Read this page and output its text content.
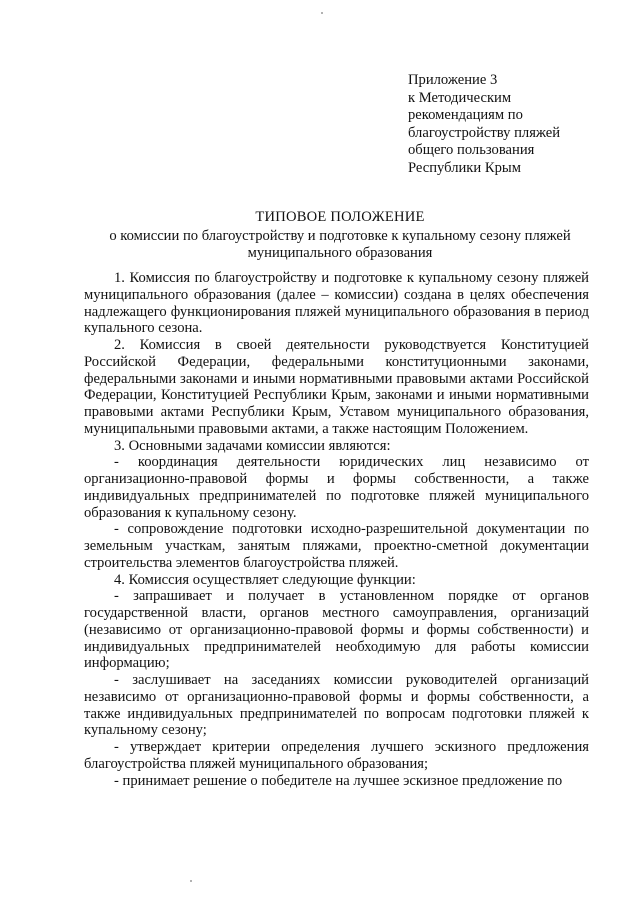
Приложение 3
к Методическим
рекомендациям по
благоустройству пляжей
общего пользования
Республики Крым
ТИПОВОЕ ПОЛОЖЕНИЕ
о комиссии по благоустройству и подготовке к купальному сезону пляжей
муниципального образования

1. Комиссия по благоустройству и подготовке к купальному сезону пляжей муниципального образования (далее – комиссии) создана в целях обеспечения надлежащего функционирования пляжей муниципального образования в период купального сезона.

2. Комиссия в своей деятельности руководствуется Конституцией Российской Федерации, федеральными конституционными законами, федеральными законами и иными нормативными правовыми актами Российской Федерации, Конституцией Республики Крым, законами и иными нормативными правовыми актами Республики Крым, Уставом муниципального образования, муниципальными правовыми актами, а также настоящим Положением.

3. Основными задачами комиссии являются:

- координация деятельности юридических лиц независимо от организационно-правовой формы и формы собственности, а также индивидуальных предпринимателей по подготовке пляжей муниципального образования к купальному сезону.

- сопровождение подготовки исходно-разрешительной документации по земельным участкам, занятым пляжами, проектно-сметной документации строительства элементов благоустройства пляжей.

4. Комиссия осуществляет следующие функции:

- запрашивает и получает в установленном порядке от органов государственной власти, органов местного самоуправления, организаций (независимо от организационно-правовой формы и формы собственности) и индивидуальных предпринимателей необходимую для работы комиссии информацию;

- заслушивает на заседаниях комиссии руководителей организаций независимо от организационно-правовой формы и формы собственности, а также индивидуальных предпринимателей по вопросам подготовки пляжей к купальному сезону;

- утверждает критерии определения лучшего эскизного предложения благоустройства пляжей муниципального образования;

- принимает решение о победителе на лучшее эскизное предложение по
